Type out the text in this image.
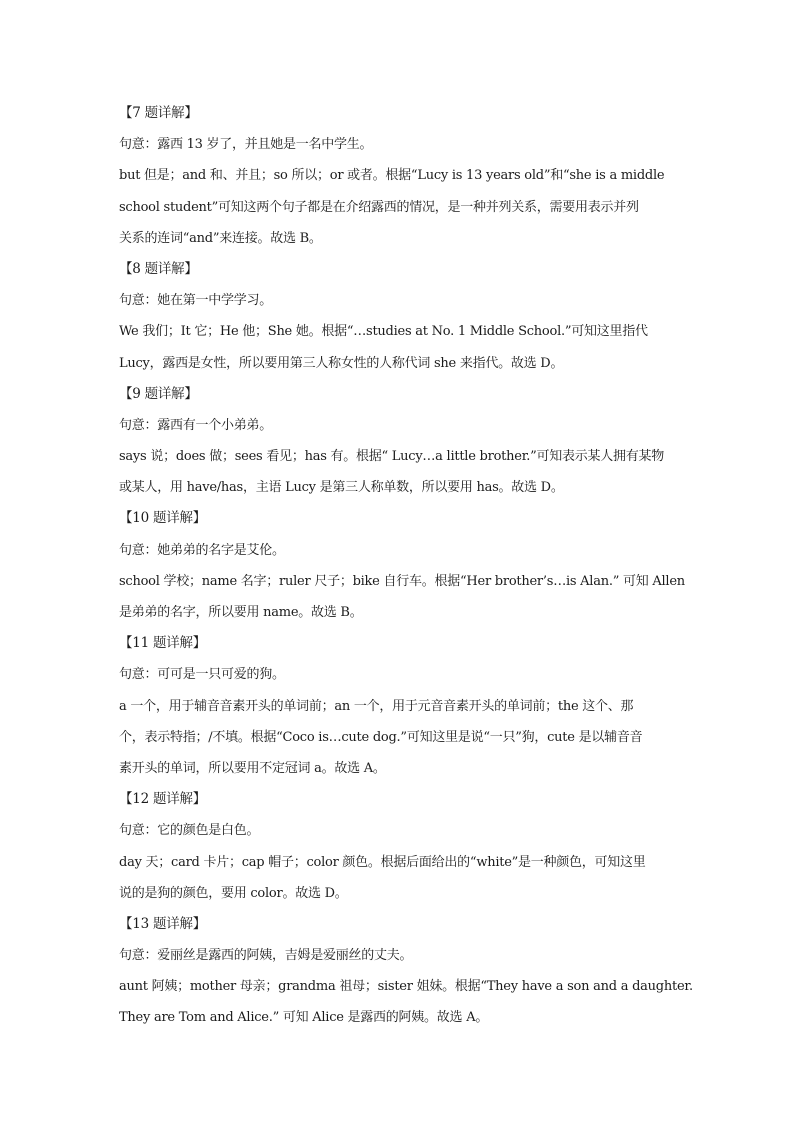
【7 题详解】
句意：露西 13 岁了，并且她是一名中学生。
but 但是；and 和、并且；so 所以；or 或者。根据“Lucy is 13 years old”和“she is a middle
school student”可知这两个句子都是在介绍露西的情况，是一种并列关系，需要用表示并列
关系的连词“and”来连接。故选 B。
【8 题详解】
句意：她在第一中学学习。
We 我们；It 它；He 他；She 她。根据“…studies at No. 1 Middle School.”可知这里指代
Lucy，露西是女性，所以要用第三人称女性的人称代词 she 来指代。故选 D。
【9 题详解】
句意：露西有一个小弟弟。
says 说；does 做；sees 看见；has 有。根据“ Lucy…a little brother.”可知表示某人拥有某物
或某人，用 have/has，主语 Lucy 是第三人称单数，所以要用 has。故选 D。
【10 题详解】
句意：她弟弟的名字是艾伦。
school 学校；name 名字；ruler 尺子；bike 自行车。根据“Her brother’s…is Alan.” 可知 Allen
是弟弟的名字，所以要用 name。故选 B。
【11 题详解】
句意：可可是一只可爱的狗。
a 一个，用于辅音音素开头的单词前；an 一个，用于元音音素开头的单词前；the 这个、那
个，表示特指；/不填。根据“Coco is…cute dog.”可知这里是说“一只”狗，cute 是以辅音音
素开头的单词，所以要用不定冠词 a。故选 A。
【12 题详解】
句意：它的颜色是白色。
day 天；card 卡片；cap 帽子；color 颜色。根据后面给出的“white”是一种颜色，可知这里
说的是狗的颜色，要用 color。故选 D。
【13 题详解】
句意：爱丽丝是露西的阿姨，吉姆是爱丽丝的丈夫。
aunt 阿姨；mother 母亲；grandma 祖母；sister 姐妹。根据“They have a son and a daughter.
They are Tom and Alice.” 可知 Alice 是露西的阿姨。故选 A。
